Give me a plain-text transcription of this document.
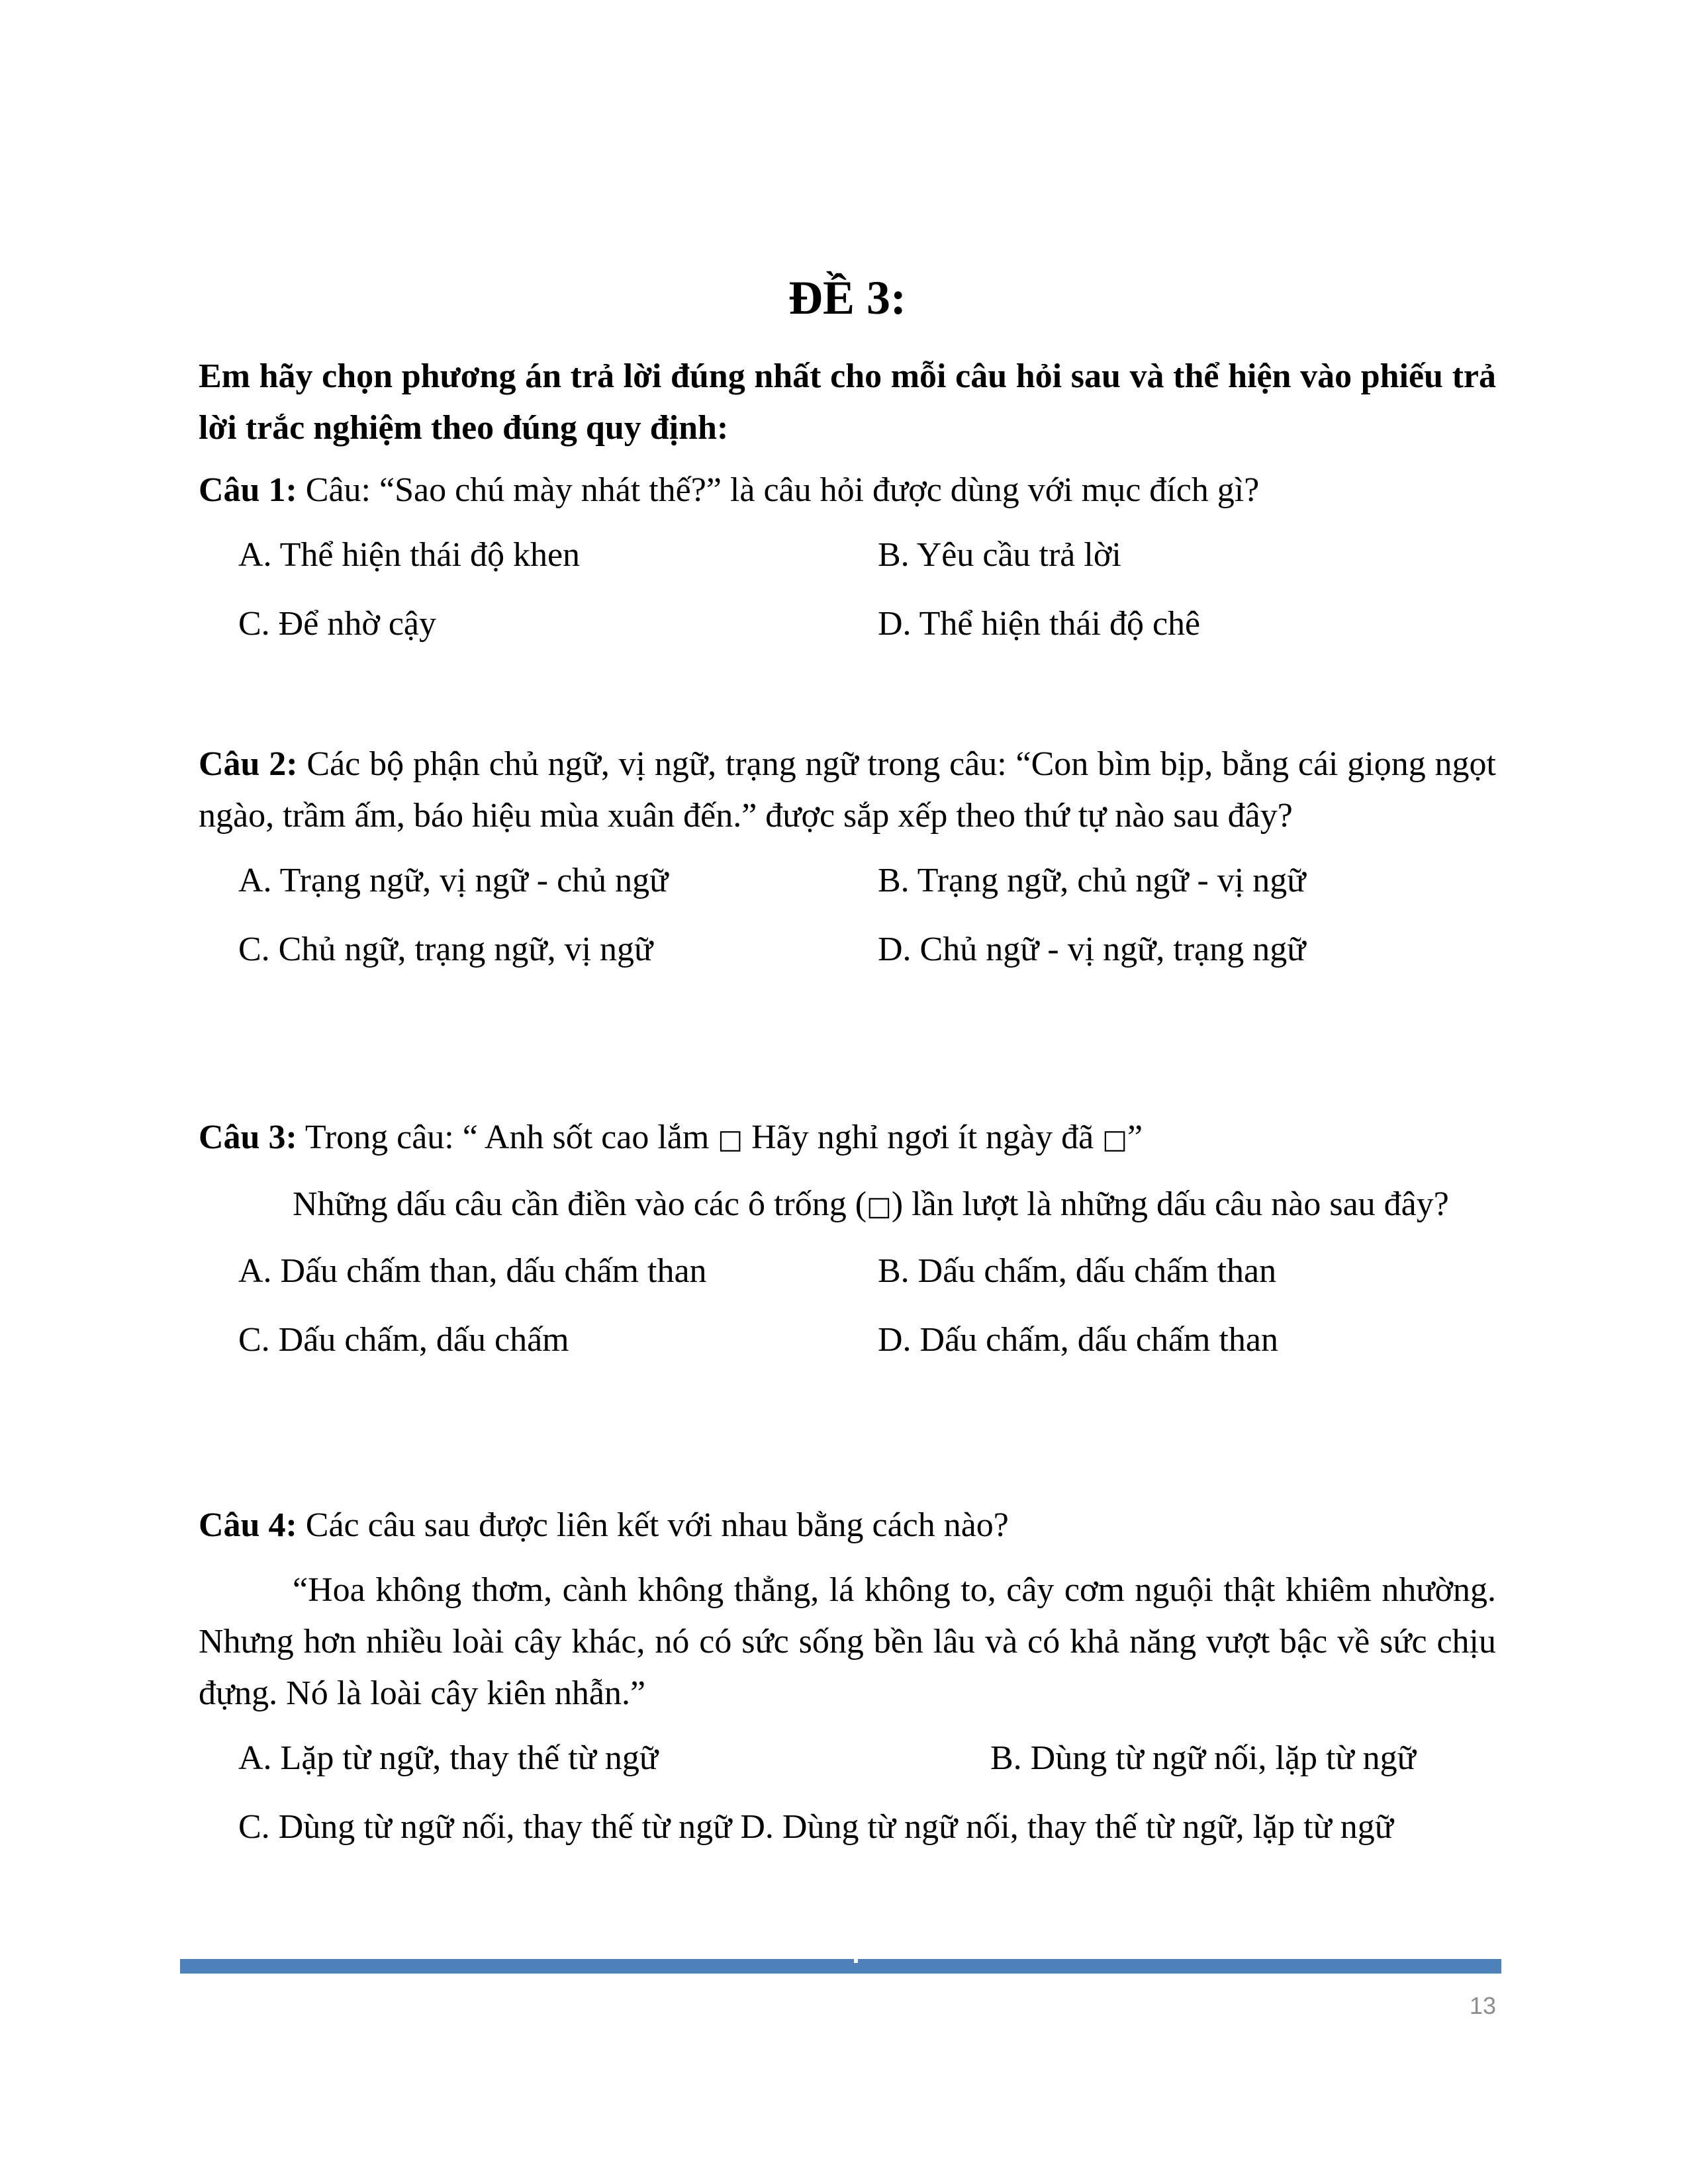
ĐỀ 3:
Em hãy chọn phương án trả lời đúng nhất cho mỗi câu hỏi sau và thể hiện vào phiếu trả lời trắc nghiệm theo đúng quy định:
Câu 1: Câu: “Sao chú mày nhát thế?” là câu hỏi được dùng với mục đích gì?
A. Thể hiện thái độ khen	B. Yêu cầu trả lời
C. Để nhờ cậy	D. Thể hiện thái độ chê
Câu 2: Các bộ phận chủ ngữ, vị ngữ, trạng ngữ trong câu: “Con bìm bịp, bằng cái giọng ngọt ngào, trầm ấm, báo hiệu mùa xuân đến.” được sắp xếp theo thứ tự nào sau đây?
A. Trạng ngữ, vị ngữ - chủ ngữ	B. Trạng ngữ, chủ ngữ - vị ngữ
C. Chủ ngữ, trạng ngữ, vị ngữ	D. Chủ ngữ - vị ngữ, trạng ngữ
Câu 3: Trong câu: “ Anh sốt cao lắm □ Hãy nghỉ ngơi ít ngày đã □”
Những dấu câu cần điền vào các ô trống (□) lần lượt là những dấu câu nào sau đây?
A. Dấu chấm than, dấu chấm than	B. Dấu chấm, dấu chấm than
C. Dấu chấm, dấu chấm	D. Dấu chấm, dấu chấm than
Câu 4: Các câu sau được liên kết với nhau bằng cách nào?
“Hoa không thơm, cành không thẳng, lá không to, cây cơm nguội thật khiêm nhường. Nhưng hơn nhiều loài cây khác, nó có sức sống bền lâu và có khả năng vượt bậc về sức chịu đựng. Nó là loài cây kiên nhẫn.”
A. Lặp từ ngữ, thay thế từ ngữ	B. Dùng từ ngữ nối, lặp từ ngữ
C. Dùng từ ngữ nối, thay thế từ ngữ D. Dùng từ ngữ nối, thay thế từ ngữ, lặp từ ngữ
13
